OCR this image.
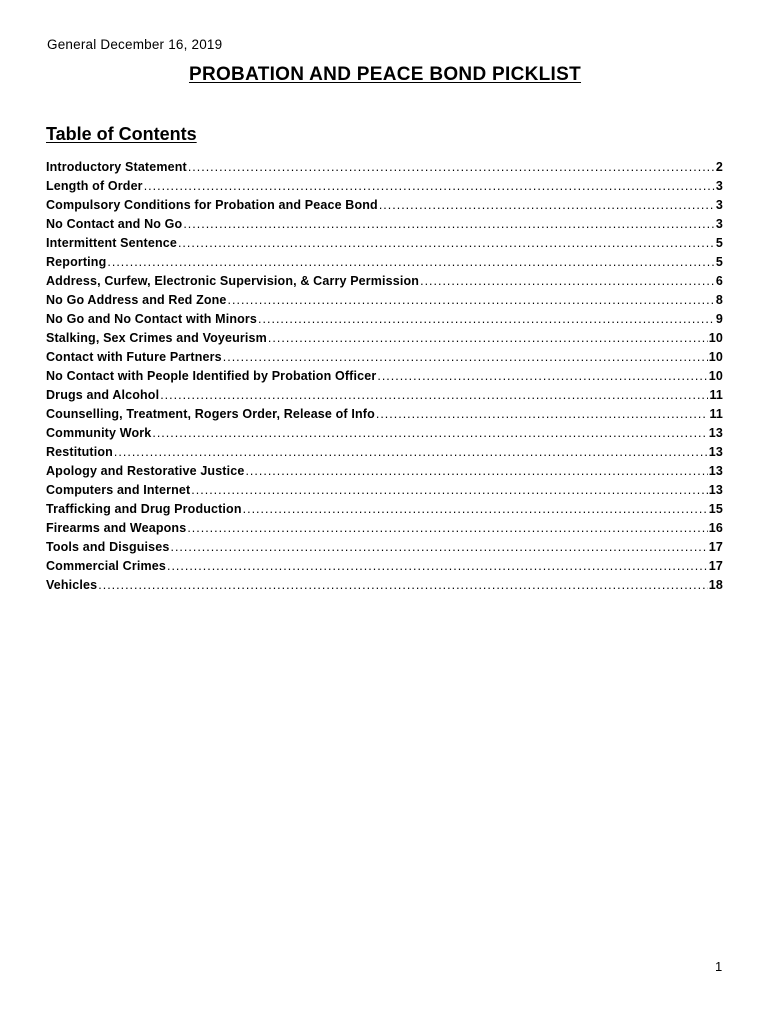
General December 16, 2019
PROBATION AND PEACE BOND PICKLIST
Table of Contents
Introductory Statement .....	2
Length of Order .....	3
Compulsory Conditions for Probation and Peace Bond .....	3
No Contact and No Go .....	3
Intermittent Sentence .....	5
Reporting .....	5
Address, Curfew, Electronic Supervision, & Carry Permission .....	6
No Go Address and Red Zone .....	8
No Go and No Contact with Minors .....	9
Stalking, Sex Crimes and Voyeurism .....	10
Contact with Future Partners .....	10
No Contact with People Identified by Probation Officer .....	10
Drugs and Alcohol .....	11
Counselling, Treatment, Rogers Order, Release of Info .....	11
Community Work .....	13
Restitution .....	13
Apology and Restorative Justice .....	13
Computers and Internet .....	13
Trafficking and Drug Production .....	15
Firearms and Weapons .....	16
Tools and Disguises .....	17
Commercial Crimes .....	17
Vehicles .....	18
1
